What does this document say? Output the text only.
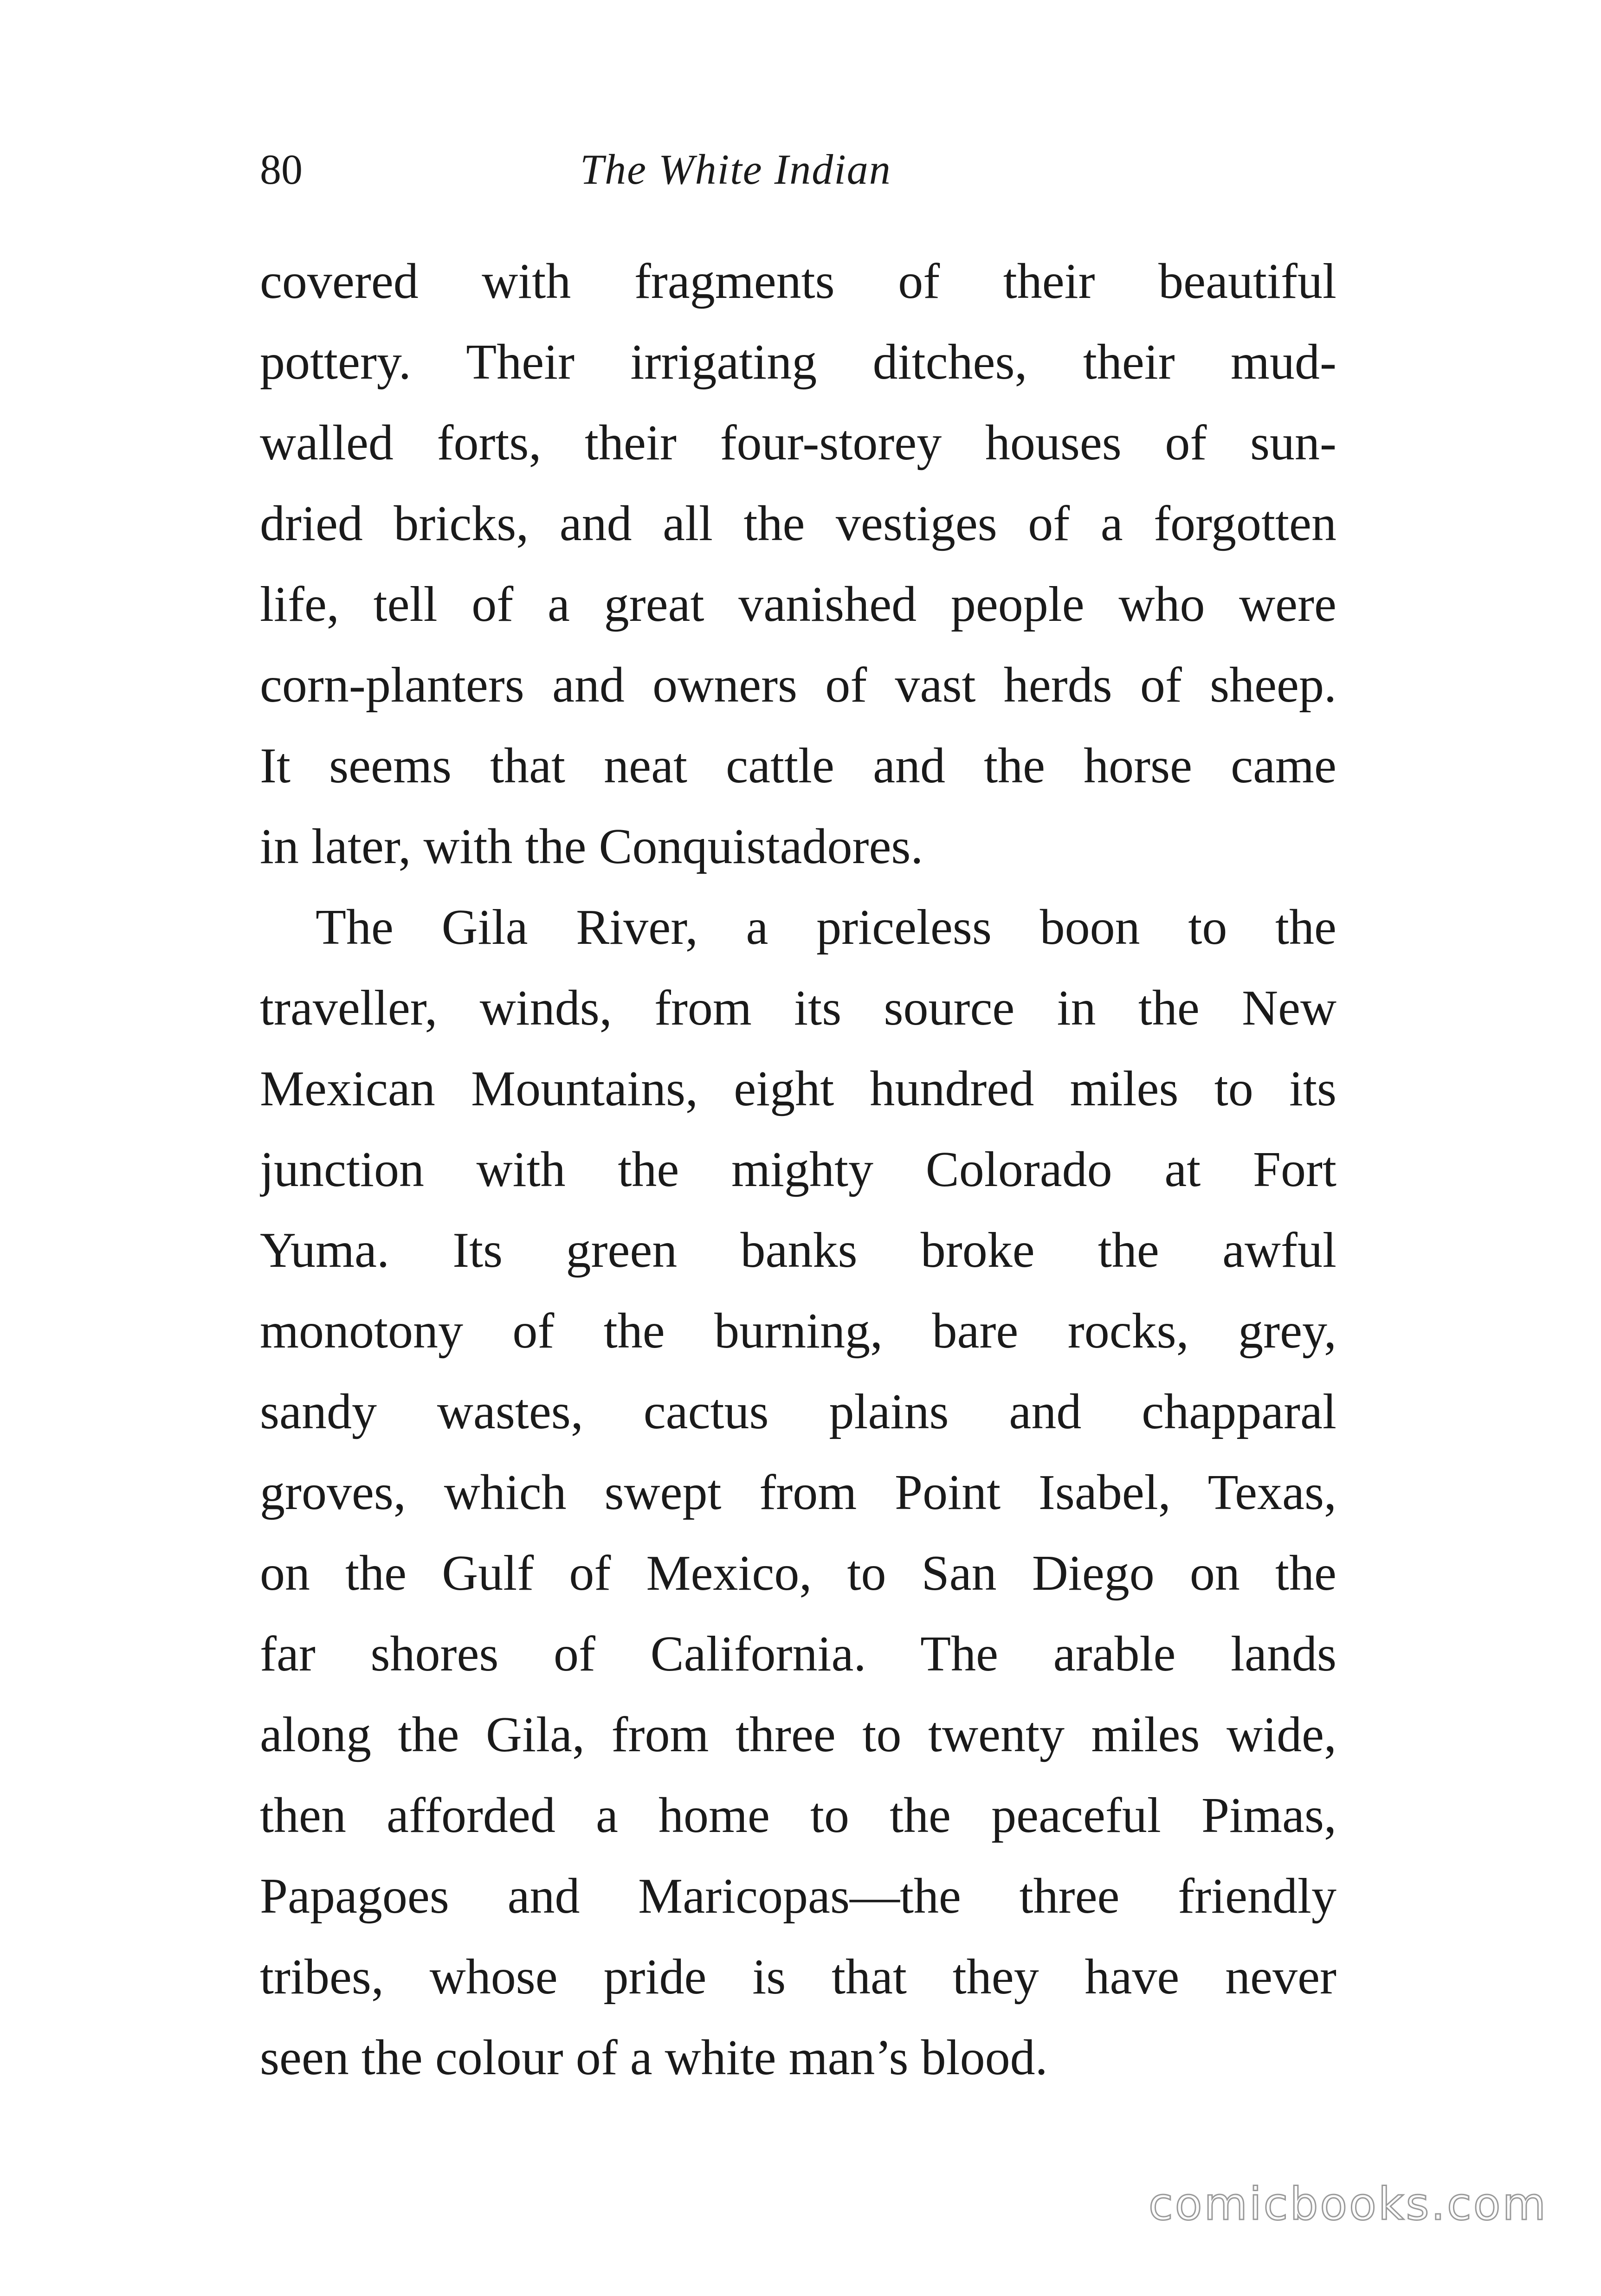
80	The White Indian
covered with fragments of their beautiful
pottery. Their irrigating ditches, their mud-
walled forts, their four-storey houses of sun-
dried bricks, and all the vestiges of a forgotten
life, tell of a great vanished people who were
corn-planters and owners of vast herds of sheep.
It seems that neat cattle and the horse came
in later, with the Conquistadores.
The Gila River, a priceless boon to the
traveller, winds, from its source in the New
Mexican Mountains, eight hundred miles to its
junction with the mighty Colorado at Fort
Yuma. Its green banks broke the awful
monotony of the burning, bare rocks, grey,
sandy wastes, cactus plains and chapparal
groves, which swept from Point Isabel, Texas,
on the Gulf of Mexico, to San Diego on the
far shores of California. The arable lands
along the Gila, from three to twenty miles wide,
then afforded a home to the peaceful Pimas,
Papagoes and Maricopas—the three friendly
tribes, whose pride is that they have never
seen the colour of a white man’s blood.
comicbooks.com
